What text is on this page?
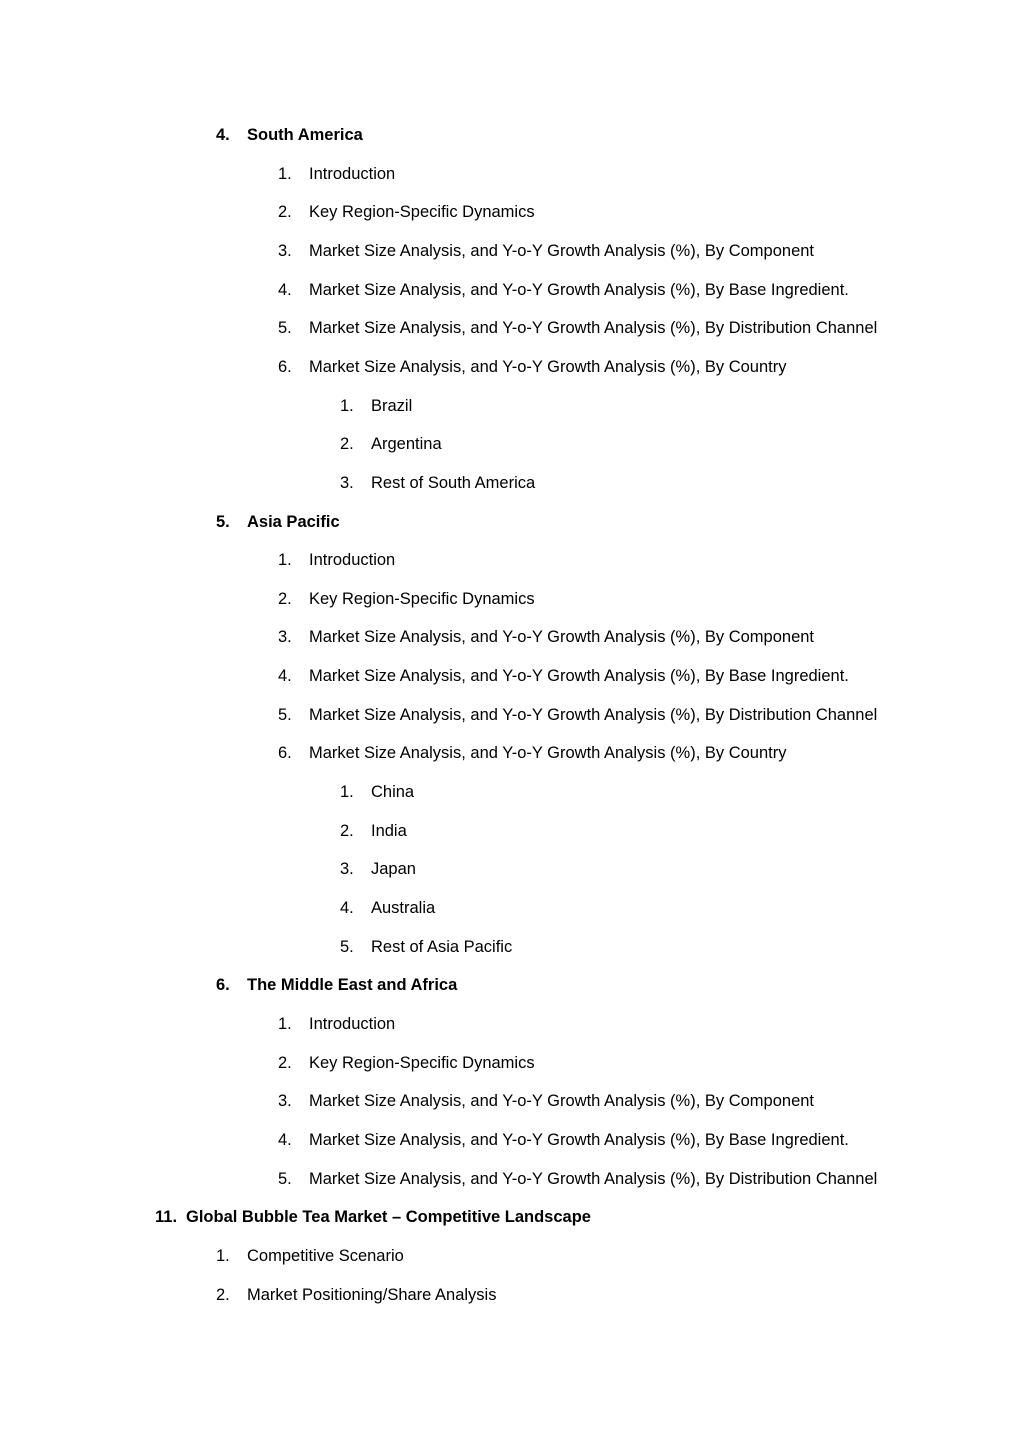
4. South America
1. Introduction
2. Key Region-Specific Dynamics
3. Market Size Analysis, and Y-o-Y Growth Analysis (%), By Component
4. Market Size Analysis, and Y-o-Y Growth Analysis (%), By Base Ingredient.
5. Market Size Analysis, and Y-o-Y Growth Analysis (%), By Distribution Channel
6. Market Size Analysis, and Y-o-Y Growth Analysis (%), By Country
1. Brazil
2. Argentina
3. Rest of South America
5. Asia Pacific
1. Introduction
2. Key Region-Specific Dynamics
3. Market Size Analysis, and Y-o-Y Growth Analysis (%), By Component
4. Market Size Analysis, and Y-o-Y Growth Analysis (%), By Base Ingredient.
5. Market Size Analysis, and Y-o-Y Growth Analysis (%), By Distribution Channel
6. Market Size Analysis, and Y-o-Y Growth Analysis (%), By Country
1. China
2. India
3. Japan
4. Australia
5. Rest of Asia Pacific
6. The Middle East and Africa
1. Introduction
2. Key Region-Specific Dynamics
3. Market Size Analysis, and Y-o-Y Growth Analysis (%), By Component
4. Market Size Analysis, and Y-o-Y Growth Analysis (%), By Base Ingredient.
5. Market Size Analysis, and Y-o-Y Growth Analysis (%), By Distribution Channel
11. Global Bubble Tea Market – Competitive Landscape
1. Competitive Scenario
2. Market Positioning/Share Analysis
